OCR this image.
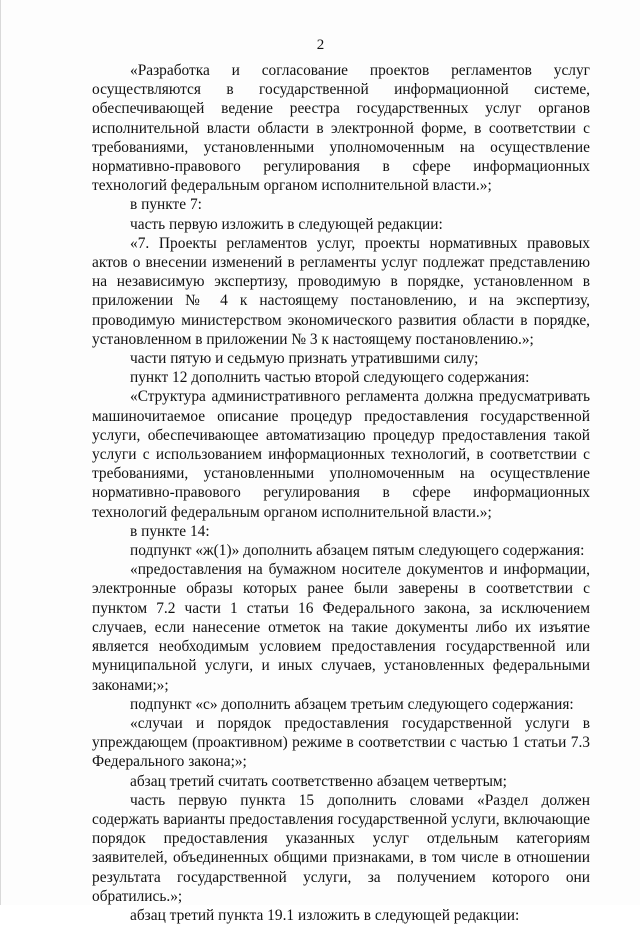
2

«Разработка и согласование проектов регламентов услуг осуществляются в государственной информационной системе, обеспечивающей ведение реестра государственных услуг органов исполнительной власти области в электронной форме, в соответствии с требованиями, установленными уполномоченным на осуществление нормативно-правового регулирования в сфере информационных технологий федеральным органом исполнительной власти.»;

в пункте 7:

часть первую изложить в следующей редакции:

«7. Проекты регламентов услуг, проекты нормативных правовых актов о внесении изменений в регламенты услуг подлежат представлению на независимую экспертизу, проводимую в порядке, установленном в приложении № 4 к настоящему постановлению, и на экспертизу, проводимую министерством экономического развития области в порядке, установленном в приложении № 3 к настоящему постановлению.»;

части пятую и седьмую признать утратившими силу;

пункт 12 дополнить частью второй следующего содержания:

«Структура административного регламента должна предусматривать машиночитаемое описание процедур предоставления государственной услуги, обеспечивающее автоматизацию процедур предоставления такой услуги с использованием информационных технологий, в соответствии с требованиями, установленными уполномоченным на осуществление нормативно-правового регулирования в сфере информационных технологий федеральным органом исполнительной власти.»;

в пункте 14:

подпункт «ж(1)» дополнить абзацем пятым следующего содержания:

«предоставления на бумажном носителе документов и информации, электронные образы которых ранее были заверены в соответствии с пунктом 7.2 части 1 статьи 16 Федерального закона, за исключением случаев, если нанесение отметок на такие документы либо их изъятие является необходимым условием предоставления государственной или муниципальной услуги, и иных случаев, установленных федеральными законами;»;

подпункт «с» дополнить абзацем третьим следующего содержания:

«случаи и порядок предоставления государственной услуги в упреждающем (проактивном) режиме в соответствии с частью 1 статьи 7.3 Федерального закона;»;

абзац третий считать соответственно абзацем четвертым;

часть первую пункта 15 дополнить словами «Раздел должен содержать варианты предоставления государственной услуги, включающие порядок предоставления указанных услуг отдельным категориям заявителей, объединенных общими признаками, в том числе в отношении результата государственной услуги, за получением которого они обратились.»;

абзац третий пункта 19.1 изложить в следующей редакции:
